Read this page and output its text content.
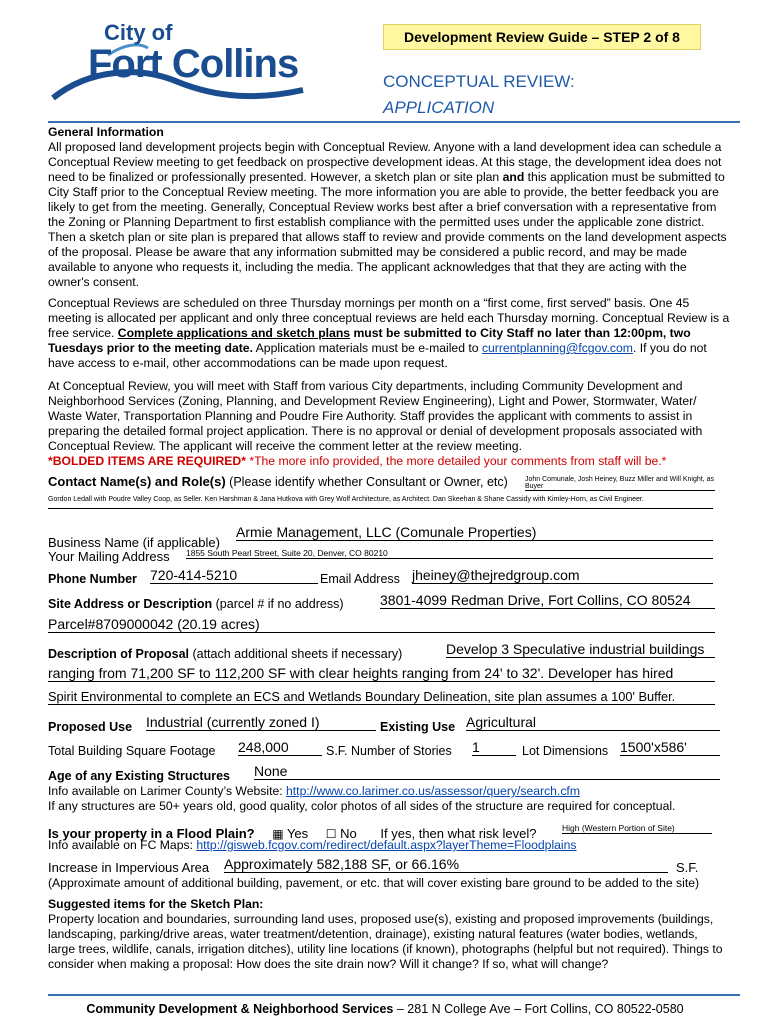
City of
Fort Collins
Development Review Guide – STEP 2 of 8
CONCEPTUAL REVIEW:
APPLICATION
General Information
All proposed land development projects begin with Conceptual Review. Anyone with a land development idea can schedule a Conceptual Review meeting to get feedback on prospective development ideas. At this stage, the development idea does not need to be finalized or professionally presented. However, a sketch plan or site plan and this application must be submitted to City Staff prior to the Conceptual Review meeting. The more information you are able to provide, the better feedback you are likely to get from the meeting. Generally, Conceptual Review works best after a brief conversation with a representative from the Zoning or Planning Department to first establish compliance with the permitted uses under the applicable zone district. Then a sketch plan or site plan is prepared that allows staff to review and provide comments on the land development aspects of the proposal. Please be aware that any information submitted may be considered a public record, and may be made available to anyone who requests it, including the media. The applicant acknowledges that that they are acting with the owner's consent.
Conceptual Reviews are scheduled on three Thursday mornings per month on a “first come, first served” basis. One 45 meeting is allocated per applicant and only three conceptual reviews are held each Thursday morning. Conceptual Review is a free service. Complete applications and sketch plans must be submitted to City Staff no later than 12:00pm, two Tuesdays prior to the meeting date. Application materials must be e-mailed to currentplanning@fcgov.com. If you do not have access to e-mail, other accommodations can be made upon request.
At Conceptual Review, you will meet with Staff from various City departments, including Community Development and Neighborhood Services (Zoning, Planning, and Development Review Engineering), Light and Power, Stormwater, Water/ Waste Water, Transportation Planning and Poudre Fire Authority. Staff provides the applicant with comments to assist in preparing the detailed formal project application. There is no approval or denial of development proposals associated with Conceptual Review. The applicant will receive the comment letter at the review meeting.
*BOLDED ITEMS ARE REQUIRED* *The more info provided, the more detailed your comments from staff will be.*
Contact Name(s) and Role(s) (Please identify whether Consultant or Owner, etc)	John Comunale, Josh Heiney, Buzz Miller and Will Knight, as Buyer
Gordon Ledall with Poudre Valley Coop, as Seller. Ken Harshman & Jana Hutkova with Grey Wolf Architecture, as Architect. Dan Skeehan & Shane Cassidy with Kimley-Horn, as Civil Engineer.
Business Name (if applicable)
Armie Management, LLC (Comunale Properties)
Your Mailing Address 1855 South Pearl Street, Suite 20, Denver, CO 80210
Phone Number 720-414-5210	Email Address jheiney@thejredgroup.com
Site Address or Description (parcel # if no address)	3801-4099 Redman Drive, Fort Collins, CO 80524
Parcel#8709000042 (20.19 acres)
Description of Proposal (attach additional sheets if necessary)	Develop 3 Speculative industrial buildings
ranging from 71,200 SF to 112,200 SF with clear heights ranging from 24' to 32'. Developer has hired
Spirit Environmental to complete an ECS and Wetlands Boundary Delineation, site plan assumes a 100' Buffer.
Proposed Use Industrial (currently zoned I)	Existing Use Agricultural
Total Building Square Footage 248,000	S.F. Number of Stories 1	Lot Dimensions 1500'x586'
Age of any Existing Structures None
Info available on Larimer County’s Website: http://www.co.larimer.co.us/assessor/query/search.cfm
If any structures are 50+ years old, good quality, color photos of all sides of the structure are required for conceptual.
Is your property in a Flood Plain? ▦ Yes ☐ No If yes, then what risk level?	High (Western Portion of Site)
Info available on FC Maps: http://gisweb.fcgov.com/redirect/default.aspx?layerTheme=Floodplains
Increase in Impervious Area Approximately 582,188 SF, or 66.16%	S.F.
(Approximate amount of additional building, pavement, or etc. that will cover existing bare ground to be added to the site)
Suggested items for the Sketch Plan:
Property location and boundaries, surrounding land uses, proposed use(s), existing and proposed improvements (buildings, landscaping, parking/drive areas, water treatment/detention, drainage), existing natural features (water bodies, wetlands, large trees, wildlife, canals, irrigation ditches), utility line locations (if known), photographs (helpful but not required). Things to consider when making a proposal: How does the site drain now? Will it change? If so, what will change?
Community Development & Neighborhood Services – 281 N College Ave – Fort Collins, CO 80522-0580
